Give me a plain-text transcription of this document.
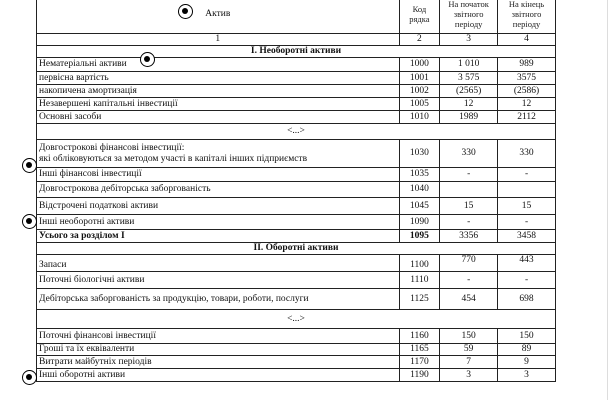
Актив	Код рядка	На початок звітного періоду	На кінець звітного періоду
1	2	3	4
I. Необоротні активи			
Нематеріальні активи	1000	1 010	989
первісна вартість	1001	3 575	3575
накопичена амортизація	1002	(2565)	(2586)
Незавершені капітальні інвестиції	1005	12	12
Основні засоби	1010	1989	2112
<...>			

Довгострокові фінансові інвестиції:
які обліковуються за методом участі в капіталі інших підприємств	1030	330	330
Інші фінансові інвестиції	1035	-	-
Довгострокова дебіторська заборгованість	1040		
Відстрочені податкові активи	1045	15	15
Інші необоротні активи	1090	-	-
Усього за розділом I	1095	3356	3458
II. Оборотні активи			
Запаси	1100	770	443
Поточні біологічні активи	1110	-	-
Дебіторська заборгованість за продукцію, товари, роботи, послуги	1125	454	698
<...>			
Поточні фінансові інвестиції	1160	150	150
Гроші та їх еквіваленти	1165	59	89
Витрати майбутніх періодів	1170	7	9
Інші оборотні активи	1190	3	3
